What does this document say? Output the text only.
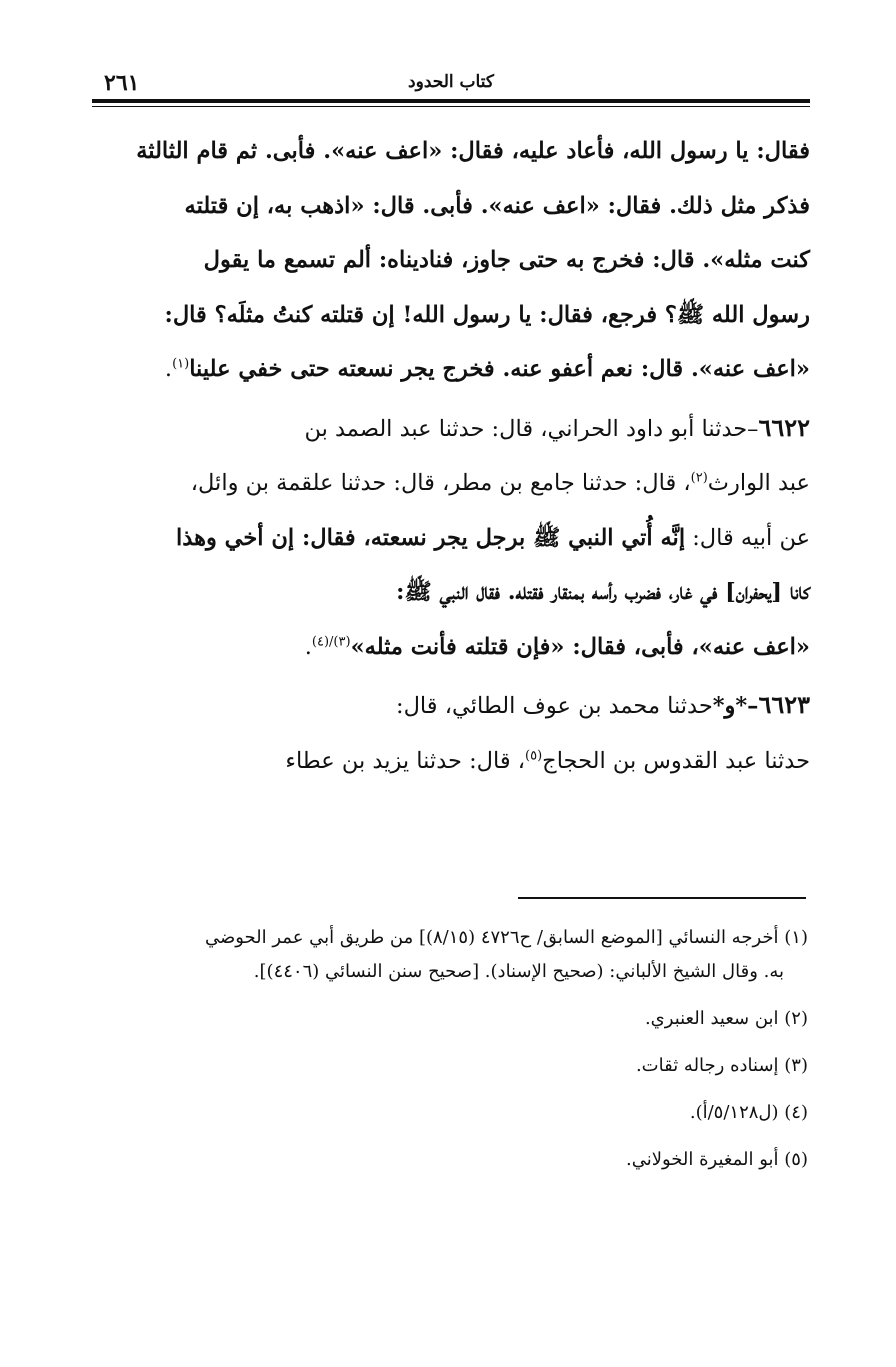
٢٦١	كتاب الحدود

فقال: يا رسول الله، فأعاد عليه، فقال: «اعف عنه». فأبى. ثم قام الثالثة

فذكر مثل ذلك. فقال: «اعف عنه». فأبى. قال: «اذهب به، إن قتلته

كنت مثله». قال: فخرج به حتى جاوز، فناديناه: ألم تسمع ما يقول

رسول الله ﷺ؟ فرجع، فقال: يا رسول الله! إن قتلته كنتُ مثلَه؟ قال:

«اعف عنه». قال: نعم أعفو عنه. فخرج يجر نسعته حتى خفي علينا$^{(١)}$.

٦٦٢٢–حدثنا أبو داود الحراني، قال: حدثنا عبد الصمد بن

عبد الوارث$^{(٢)}$، قال: حدثنا جامع بن مطر، قال: حدثنا علقمة بن وائل،

عن أبيه قال: إنَّه أُتي النبي ﷺ برجل يجر نسعته، فقال: إن أخي وهذا

كانا [يحفران] في غار، فضرب رأسه بمنقار فقتله. فقال النبي ﷺ:

«اعف عنه»، فأبى، فقال: «فإن قتلته فأنت مثله»$^{(٣)/(٤)}$.

٦٦٢٣–*و*حدثنا محمد بن عوف الطائي، قال:

حدثنا عبد القدوس بن الحجاج$^{(٥)}$، قال: حدثنا يزيد بن عطاء

(١) أخرجه النسائي [الموضع السابق/ ح٤٧٢٦ (٨/١٥)] من طريق أبي عمر الحوضي
به. وقال الشيخ الألباني: (صحيح الإسناد). [صحيح سنن النسائي (٤٤٠٦)].
(٢) ابن سعيد العنبري.
(٣) إسناده رجاله ثقات.
(٤) (ل٥/١٢٨/أ).
(٥) أبو المغيرة الخولاني.
